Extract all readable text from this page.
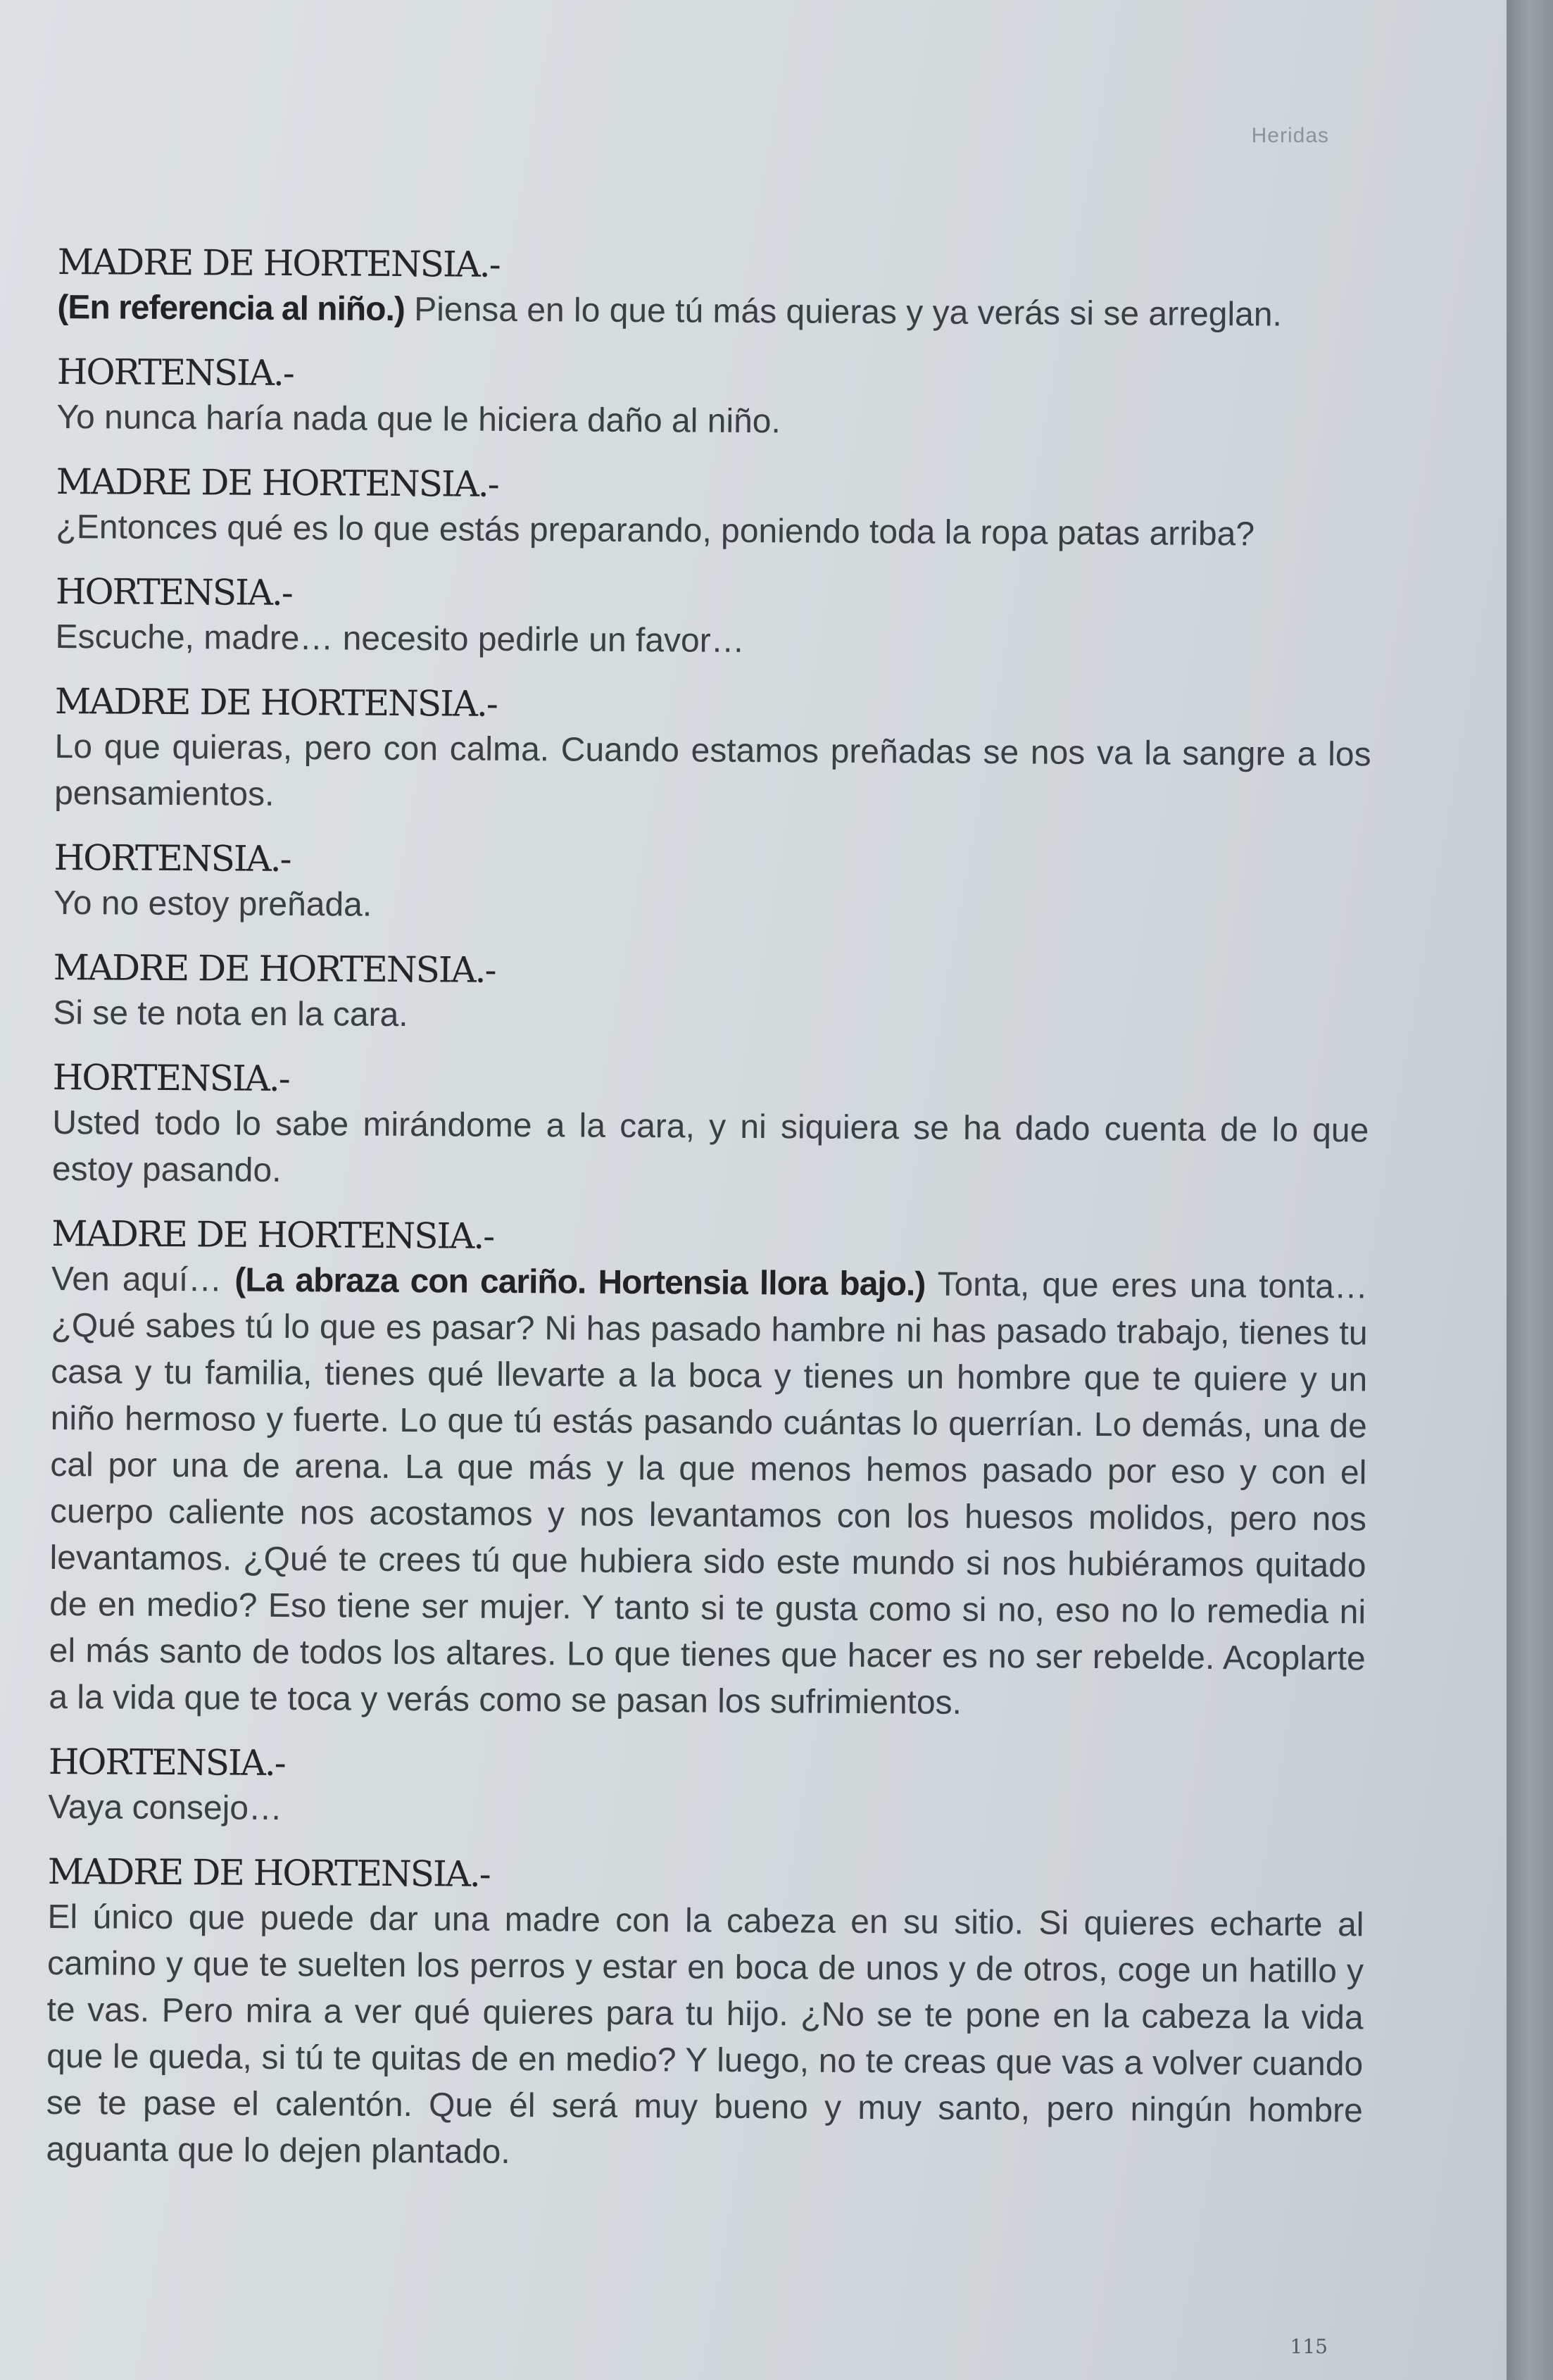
Heridas

MADRE DE HORTENSIA.-

(En referencia al niño.) Piensa en lo que tú más quieras y ya verás si se arreglan.

HORTENSIA.-

Yo nunca haría nada que le hiciera daño al niño.

MADRE DE HORTENSIA.-

¿Entonces qué es lo que estás preparando, poniendo toda la ropa patas arriba?

HORTENSIA.-

Escuche, madre… necesito pedirle un favor…

MADRE DE HORTENSIA.-

Lo que quieras, pero con calma. Cuando estamos preñadas se nos va la sangre a los pensamientos.

HORTENSIA.-

Yo no estoy preñada.

MADRE DE HORTENSIA.-

Si se te nota en la cara.

HORTENSIA.-

Usted todo lo sabe mirándome a la cara, y ni siquiera se ha dado cuenta de lo que estoy pasando.

MADRE DE HORTENSIA.-

Ven aquí… (La abraza con cariño. Hortensia llora bajo.) Tonta, que eres una tonta… ¿Qué sabes tú lo que es pasar? Ni has pasado hambre ni has pasado trabajo, tienes tu casa y tu familia, tienes qué llevarte a la boca y tienes un hombre que te quiere y un niño hermoso y fuerte. Lo que tú estás pasando cuántas lo querrían. Lo demás, una de cal por una de arena. La que más y la que menos hemos pasado por eso y con el cuerpo caliente nos acostamos y nos levantamos con los huesos molidos, pero nos levantamos. ¿Qué te crees tú que hubiera sido este mundo si nos hubiéramos quitado de en medio? Eso tiene ser mujer. Y tanto si te gusta como si no, eso no lo remedia ni el más santo de todos los altares. Lo que tienes que hacer es no ser rebelde. Acoplarte a la vida que te toca y verás como se pasan los sufrimientos.

HORTENSIA.-

Vaya consejo…

MADRE DE HORTENSIA.-

El único que puede dar una madre con la cabeza en su sitio. Si quieres echarte al camino y que te suelten los perros y estar en boca de unos y de otros, coge un hatillo y te vas. Pero mira a ver qué quieres para tu hijo. ¿No se te pone en la cabeza la vida que le queda, si tú te quitas de en medio? Y luego, no te creas que vas a volver cuando se te pase el calentón. Que él será muy bueno y muy santo, pero ningún hombre aguanta que lo dejen plantado.

115
